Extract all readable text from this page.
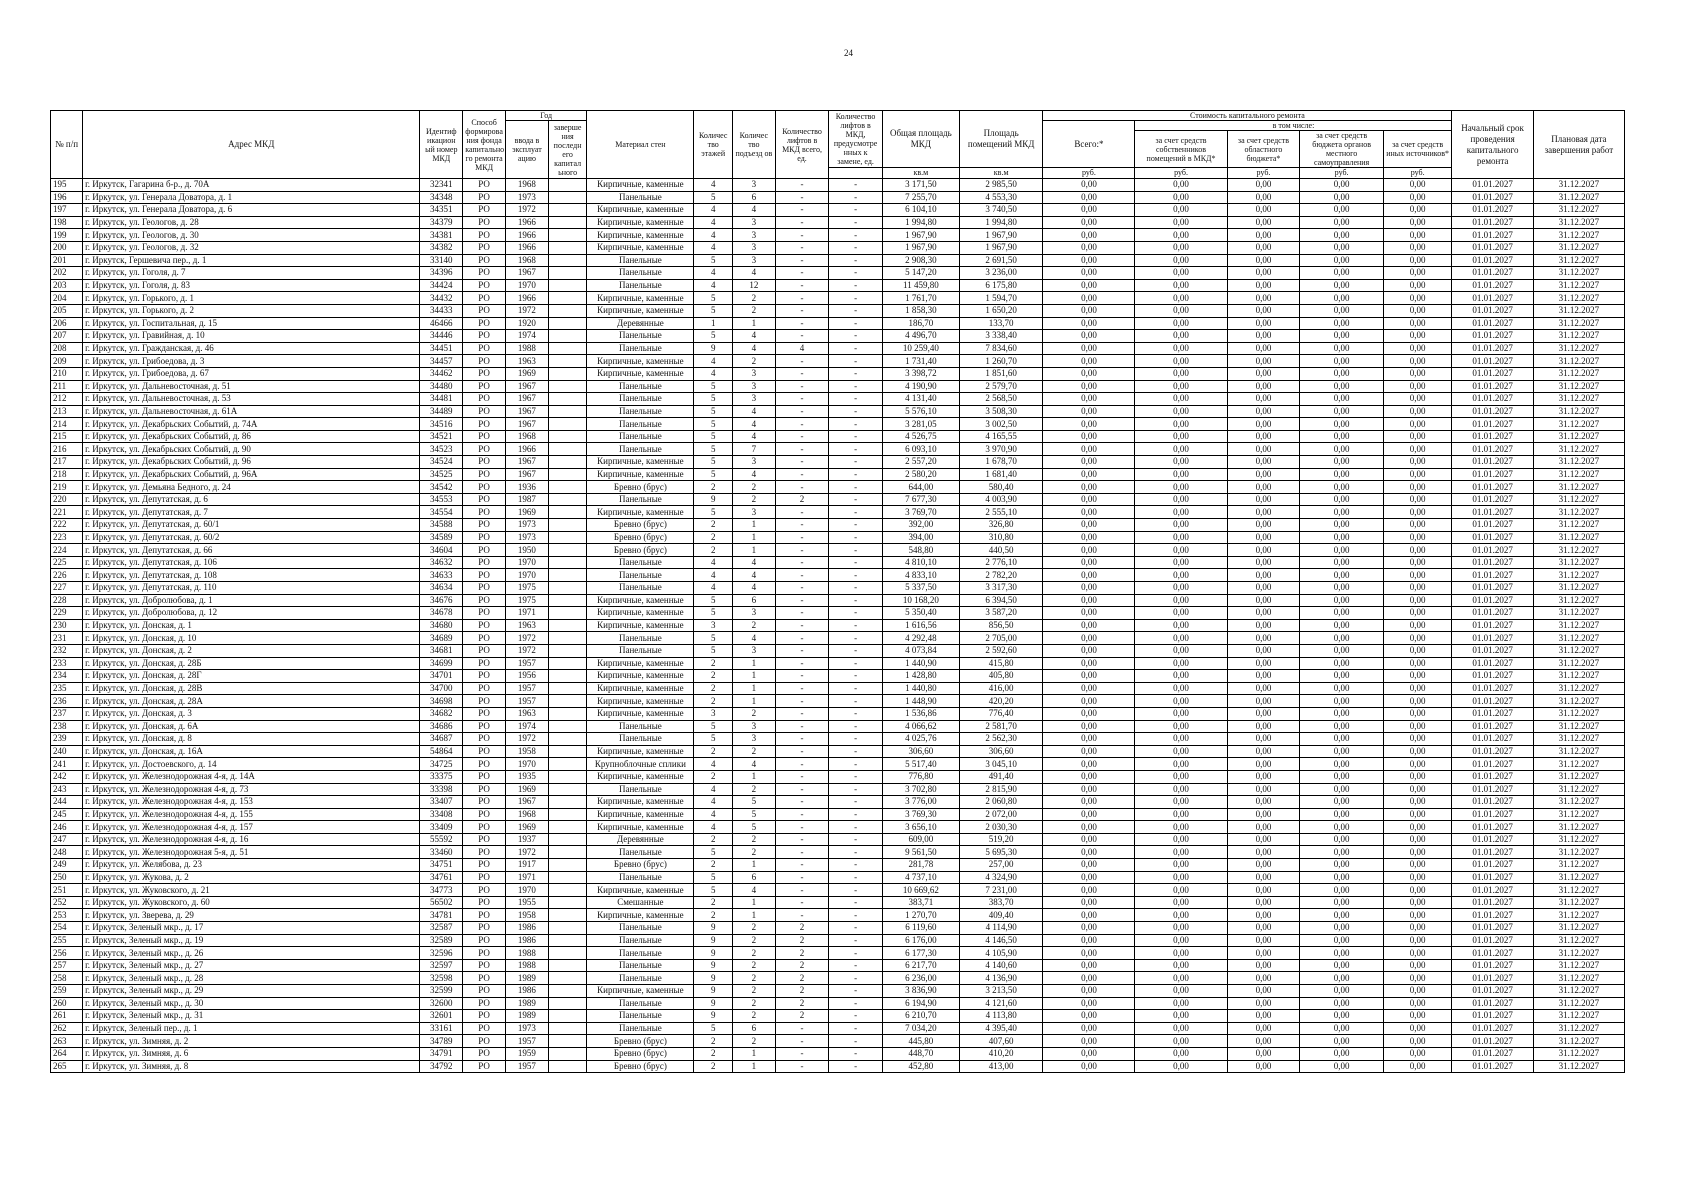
24
№ п/п	Адрес МКД	Идентиф икацион ый номер МКД	Способ формирова ния фонда капитально го ремонта МКД	Год		Материал стен	Количес тво этажей	Количес тво подъезд ов	Количество лифтов в МКД всего, ед.	Количество лифтов в МКД, предусмотре нных к замене, ед.	Общая площадь МКД	Площадь помещений МКД	Стоимость капитального ремонта					Начальный срок проведения капитального ремонта	Плановая дата завершения работ
				ввода в эксплуат ацию	заверше ния последн его капитал ьного								Всего:*	в том числе:					
														за счет средств собственников помещений в МКД*	за счет средств областного бюджета*	за счет средств бюджета органов местного самоуправления	за счет средств иных источников*		
											кв.м	кв.м	руб.	руб.	руб.	руб.	руб.		
195	г. Иркутск, Гагарина б-р., д. 70А	32341	РО	1968		Кирпичные, каменные	4	3	-	-	3 171,50	2 985,50	0,00	0,00	0,00	0,00	0,00	01.01.2027	31.12.2027
196	г. Иркутск, ул. Генерала Доватора, д. 1	34348	РО	1973		Панельные	5	6	-	-	7 255,70	4 553,30	0,00	0,00	0,00	0,00	0,00	01.01.2027	31.12.2027
197	г. Иркутск, ул. Генерала Доватора, д. 6	34351	РО	1972		Кирпичные, каменные	4	4	-	-	6 104,10	3 740,50	0,00	0,00	0,00	0,00	0,00	01.01.2027	31.12.2027
198	г. Иркутск, ул. Геологов, д. 28	34379	РО	1966		Кирпичные, каменные	4	3	-	-	1 994,80	1 994,80	0,00	0,00	0,00	0,00	0,00	01.01.2027	31.12.2027
199	г. Иркутск, ул. Геологов, д. 30	34381	РО	1966		Кирпичные, каменные	4	3	-	-	1 967,90	1 967,90	0,00	0,00	0,00	0,00	0,00	01.01.2027	31.12.2027
200	г. Иркутск, ул. Геологов, д. 32	34382	РО	1966		Кирпичные, каменные	4	3	-	-	1 967,90	1 967,90	0,00	0,00	0,00	0,00	0,00	01.01.2027	31.12.2027
201	г. Иркутск, Гершевича пер., д. 1	33140	РО	1968		Панельные	5	3	-	-	2 908,30	2 691,50	0,00	0,00	0,00	0,00	0,00	01.01.2027	31.12.2027
202	г. Иркутск, ул. Гоголя, д. 7	34396	РО	1967		Панельные	4	4	-	-	5 147,20	3 236,00	0,00	0,00	0,00	0,00	0,00	01.01.2027	31.12.2027
203	г. Иркутск, ул. Гоголя, д. 83	34424	РО	1970		Панельные	4	12	-	-	11 459,80	6 175,80	0,00	0,00	0,00	0,00	0,00	01.01.2027	31.12.2027
204	г. Иркутск, ул. Горького, д. 1	34432	РО	1966		Кирпичные, каменные	5	2	-	-	1 761,70	1 594,70	0,00	0,00	0,00	0,00	0,00	01.01.2027	31.12.2027
205	г. Иркутск, ул. Горького, д. 2	34433	РО	1972		Кирпичные, каменные	5	2	-	-	1 858,30	1 650,20	0,00	0,00	0,00	0,00	0,00	01.01.2027	31.12.2027
206	г. Иркутск, ул. Госпитальная, д. 15	46466	РО	1920		Деревянные	1	1	-	-	186,70	133,70	0,00	0,00	0,00	0,00	0,00	01.01.2027	31.12.2027
207	г. Иркутск, ул. Гравийная, д. 10	34446	РО	1974		Панельные	5	4	-	-	4 496,70	3 338,40	0,00	0,00	0,00	0,00	0,00	01.01.2027	31.12.2027
208	г. Иркутск, ул. Гражданская, д. 46	34451	РО	1988		Панельные	9	4	4	-	10 259,40	7 834,60	0,00	0,00	0,00	0,00	0,00	01.01.2027	31.12.2027
209	г. Иркутск, ул. Грибоедова, д. 3	34457	РО	1963		Кирпичные, каменные	4	2	-	-	1 731,40	1 260,70	0,00	0,00	0,00	0,00	0,00	01.01.2027	31.12.2027
210	г. Иркутск, ул. Грибоедова, д. 67	34462	РО	1969		Кирпичные, каменные	4	3	-	-	3 398,72	1 851,60	0,00	0,00	0,00	0,00	0,00	01.01.2027	31.12.2027
211	г. Иркутск, ул. Дальневосточная, д. 51	34480	РО	1967		Панельные	5	3	-	-	4 190,90	2 579,70	0,00	0,00	0,00	0,00	0,00	01.01.2027	31.12.2027
212	г. Иркутск, ул. Дальневосточная, д. 53	34481	РО	1967		Панельные	5	3	-	-	4 131,40	2 568,50	0,00	0,00	0,00	0,00	0,00	01.01.2027	31.12.2027
213	г. Иркутск, ул. Дальневосточная, д. 61А	34489	РО	1967		Панельные	5	4	-	-	5 576,10	3 508,30	0,00	0,00	0,00	0,00	0,00	01.01.2027	31.12.2027
214	г. Иркутск, ул. Декабрьских Событий, д. 74А	34516	РО	1967		Панельные	5	4	-	-	3 281,05	3 002,50	0,00	0,00	0,00	0,00	0,00	01.01.2027	31.12.2027
215	г. Иркутск, ул. Декабрьских Событий, д. 86	34521	РО	1968		Панельные	5	4	-	-	4 526,75	4 165,55	0,00	0,00	0,00	0,00	0,00	01.01.2027	31.12.2027
216	г. Иркутск, ул. Декабрьских Событий, д. 90	34523	РО	1966		Панельные	5	7	-	-	6 093,10	3 970,90	0,00	0,00	0,00	0,00	0,00	01.01.2027	31.12.2027
217	г. Иркутск, ул. Декабрьских Событий, д. 96	34524	РО	1967		Кирпичные, каменные	5	3	-	-	2 557,20	1 678,70	0,00	0,00	0,00	0,00	0,00	01.01.2027	31.12.2027
218	г. Иркутск, ул. Декабрьских Событий, д. 96А	34525	РО	1967		Кирпичные, каменные	5	4	-	-	2 580,20	1 681,40	0,00	0,00	0,00	0,00	0,00	01.01.2027	31.12.2027
219	г. Иркутск, ул. Демьяна Бедного, д. 24	34542	РО	1936		Бревно (брус)	2	2	-	-	644,00	580,40	0,00	0,00	0,00	0,00	0,00	01.01.2027	31.12.2027
220	г. Иркутск, ул. Депутатская, д. 6	34553	РО	1987		Панельные	9	2	2	-	7 677,30	4 003,90	0,00	0,00	0,00	0,00	0,00	01.01.2027	31.12.2027
221	г. Иркутск, ул. Депутатская, д. 7	34554	РО	1969		Кирпичные, каменные	5	3	-	-	3 769,70	2 555,10	0,00	0,00	0,00	0,00	0,00	01.01.2027	31.12.2027
222	г. Иркутск, ул. Депутатская, д. 60/1	34588	РО	1973		Бревно (брус)	2	1	-	-	392,00	326,80	0,00	0,00	0,00	0,00	0,00	01.01.2027	31.12.2027
223	г. Иркутск, ул. Депутатская, д. 60/2	34589	РО	1973		Бревно (брус)	2	1	-	-	394,00	310,80	0,00	0,00	0,00	0,00	0,00	01.01.2027	31.12.2027
224	г. Иркутск, ул. Депутатская, д. 66	34604	РО	1950		Бревно (брус)	2	1	-	-	548,80	440,50	0,00	0,00	0,00	0,00	0,00	01.01.2027	31.12.2027
225	г. Иркутск, ул. Депутатская, д. 106	34632	РО	1970		Панельные	4	4	-	-	4 810,10	2 776,10	0,00	0,00	0,00	0,00	0,00	01.01.2027	31.12.2027
226	г. Иркутск, ул. Депутатская, д. 108	34633	РО	1970		Панельные	4	4	-	-	4 833,10	2 782,20	0,00	0,00	0,00	0,00	0,00	01.01.2027	31.12.2027
227	г. Иркутск, ул. Депутатская, д. 110	34634	РО	1975		Панельные	4	4	-	-	5 337,50	3 317,30	0,00	0,00	0,00	0,00	0,00	01.01.2027	31.12.2027
228	г. Иркутск, ул. Добролюбова, д. 1	34676	РО	1975		Кирпичные, каменные	5	6	-	-	10 168,20	6 394,50	0,00	0,00	0,00	0,00	0,00	01.01.2027	31.12.2027
229	г. Иркутск, ул. Добролюбова, д. 12	34678	РО	1971		Кирпичные, каменные	5	3	-	-	5 350,40	3 587,20	0,00	0,00	0,00	0,00	0,00	01.01.2027	31.12.2027
230	г. Иркутск, ул. Донская, д. 1	34680	РО	1963		Кирпичные, каменные	3	2	-	-	1 616,56	856,50	0,00	0,00	0,00	0,00	0,00	01.01.2027	31.12.2027
231	г. Иркутск, ул. Донская, д. 10	34689	РО	1972		Панельные	5	4	-	-	4 292,48	2 705,00	0,00	0,00	0,00	0,00	0,00	01.01.2027	31.12.2027
232	г. Иркутск, ул. Донская, д. 2	34681	РО	1972		Панельные	5	3	-	-	4 073,84	2 592,60	0,00	0,00	0,00	0,00	0,00	01.01.2027	31.12.2027
233	г. Иркутск, ул. Донская, д. 28Б	34699	РО	1957		Кирпичные, каменные	2	1	-	-	1 440,90	415,80	0,00	0,00	0,00	0,00	0,00	01.01.2027	31.12.2027
234	г. Иркутск, ул. Донская, д. 28Г	34701	РО	1956		Кирпичные, каменные	2	1	-	-	1 428,80	405,80	0,00	0,00	0,00	0,00	0,00	01.01.2027	31.12.2027
235	г. Иркутск, ул. Донская, д. 28В	34700	РО	1957		Кирпичные, каменные	2	1	-	-	1 440,80	416,00	0,00	0,00	0,00	0,00	0,00	01.01.2027	31.12.2027
236	г. Иркутск, ул. Донская, д. 28А	34698	РО	1957		Кирпичные, каменные	2	1	-	-	1 448,90	420,20	0,00	0,00	0,00	0,00	0,00	01.01.2027	31.12.2027
237	г. Иркутск, ул. Донская, д. 3	34682	РО	1963		Кирпичные, каменные	3	2	-	-	1 536,86	776,40	0,00	0,00	0,00	0,00	0,00	01.01.2027	31.12.2027
238	г. Иркутск, ул. Донская, д. 6А	34686	РО	1974		Панельные	5	3	-	-	4 066,62	2 581,70	0,00	0,00	0,00	0,00	0,00	01.01.2027	31.12.2027
239	г. Иркутск, ул. Донская, д. 8	34687	РО	1972		Панельные	5	3	-	-	4 025,76	2 562,30	0,00	0,00	0,00	0,00	0,00	01.01.2027	31.12.2027
240	г. Иркутск, ул. Донская, д. 16А	54864	РО	1958		Кирпичные, каменные	2	2	-	-	306,60	306,60	0,00	0,00	0,00	0,00	0,00	01.01.2027	31.12.2027
241	г. Иркутск, ул. Достоевского, д. 14	34725	РО	1970		Крупноблочные сплики	4	4	-	-	5 517,40	3 045,10	0,00	0,00	0,00	0,00	0,00	01.01.2027	31.12.2027
242	г. Иркутск, ул. Железнодорожная 4-я, д. 14А	33375	РО	1935		Кирпичные, каменные	2	1	-	-	776,80	491,40	0,00	0,00	0,00	0,00	0,00	01.01.2027	31.12.2027
243	г. Иркутск, ул. Железнодорожная 4-я, д. 73	33398	РО	1969		Панельные	4	2	-	-	3 702,80	2 815,90	0,00	0,00	0,00	0,00	0,00	01.01.2027	31.12.2027
244	г. Иркутск, ул. Железнодорожная 4-я, д. 153	33407	РО	1967		Кирпичные, каменные	4	5	-	-	3 776,00	2 060,80	0,00	0,00	0,00	0,00	0,00	01.01.2027	31.12.2027
245	г. Иркутск, ул. Железнодорожная 4-я, д. 155	33408	РО	1968		Кирпичные, каменные	4	5	-	-	3 769,30	2 072,00	0,00	0,00	0,00	0,00	0,00	01.01.2027	31.12.2027
246	г. Иркутск, ул. Железнодорожная 4-я, д. 157	33409	РО	1969		Кирпичные, каменные	4	5	-	-	3 656,10	2 030,30	0,00	0,00	0,00	0,00	0,00	01.01.2027	31.12.2027
247	г. Иркутск, ул. Железнодорожная 4-я, д. 16	55592	РО	1937		Деревянные	2	2	-	-	609,00	519,20	0,00	0,00	0,00	0,00	0,00	01.01.2027	31.12.2027
248	г. Иркутск, ул. Железнодорожная 5-я, д. 51	33460	РО	1972		Панельные	5	2	-	-	9 561,50	5 695,30	0,00	0,00	0,00	0,00	0,00	01.01.2027	31.12.2027
249	г. Иркутск, ул. Желябова, д. 23	34751	РО	1917		Бревно (брус)	2	1	-	-	281,78	257,00	0,00	0,00	0,00	0,00	0,00	01.01.2027	31.12.2027
250	г. Иркутск, ул. Жукова, д. 2	34761	РО	1971		Панельные	5	6	-	-	4 737,10	4 324,90	0,00	0,00	0,00	0,00	0,00	01.01.2027	31.12.2027
251	г. Иркутск, ул. Жуковского, д. 21	34773	РО	1970		Кирпичные, каменные	5	4	-	-	10 669,62	7 231,00	0,00	0,00	0,00	0,00	0,00	01.01.2027	31.12.2027
252	г. Иркутск, ул. Жуковского, д. 60	56502	РО	1955		Смешанные	2	1	-	-	383,71	383,70	0,00	0,00	0,00	0,00	0,00	01.01.2027	31.12.2027
253	г. Иркутск, ул. Зверева, д. 29	34781	РО	1958		Кирпичные, каменные	2	1	-	-	1 270,70	409,40	0,00	0,00	0,00	0,00	0,00	01.01.2027	31.12.2027
254	г. Иркутск, Зеленый мкр., д. 17	32587	РО	1986		Панельные	9	2	2	-	6 119,60	4 114,90	0,00	0,00	0,00	0,00	0,00	01.01.2027	31.12.2027
255	г. Иркутск, Зеленый мкр., д. 19	32589	РО	1986		Панельные	9	2	2	-	6 176,00	4 146,50	0,00	0,00	0,00	0,00	0,00	01.01.2027	31.12.2027
256	г. Иркутск, Зеленый мкр., д. 26	32596	РО	1988		Панельные	9	2	2	-	6 177,30	4 105,90	0,00	0,00	0,00	0,00	0,00	01.01.2027	31.12.2027
257	г. Иркутск, Зеленый мкр., д. 27	32597	РО	1988		Панельные	9	2	2	-	6 217,70	4 140,60	0,00	0,00	0,00	0,00	0,00	01.01.2027	31.12.2027
258	г. Иркутск, Зеленый мкр., д. 28	32598	РО	1989		Панельные	9	2	2	-	6 236,00	4 136,90	0,00	0,00	0,00	0,00	0,00	01.01.2027	31.12.2027
259	г. Иркутск, Зеленый мкр., д. 29	32599	РО	1986		Кирпичные, каменные	9	2	2	-	3 836,90	3 213,50	0,00	0,00	0,00	0,00	0,00	01.01.2027	31.12.2027
260	г. Иркутск, Зеленый мкр., д. 30	32600	РО	1989		Панельные	9	2	2	-	6 194,90	4 121,60	0,00	0,00	0,00	0,00	0,00	01.01.2027	31.12.2027
261	г. Иркутск, Зеленый мкр., д. 31	32601	РО	1989		Панельные	9	2	2	-	6 210,70	4 113,80	0,00	0,00	0,00	0,00	0,00	01.01.2027	31.12.2027
262	г. Иркутск, Зеленый пер., д. 1	33161	РО	1973		Панельные	5	6	-	-	7 034,20	4 395,40	0,00	0,00	0,00	0,00	0,00	01.01.2027	31.12.2027
263	г. Иркутск, ул. Зимняя, д. 2	34789	РО	1957		Бревно (брус)	2	2	-	-	445,80	407,60	0,00	0,00	0,00	0,00	0,00	01.01.2027	31.12.2027
264	г. Иркутск, ул. Зимняя, д. 6	34791	РО	1959		Бревно (брус)	2	1	-	-	448,70	410,20	0,00	0,00	0,00	0,00	0,00	01.01.2027	31.12.2027
265	г. Иркутск, ул. Зимняя, д. 8	34792	РО	1957		Бревно (брус)	2	1	-	-	452,80	413,00	0,00	0,00	0,00	0,00	0,00	01.01.2027	31.12.2027
